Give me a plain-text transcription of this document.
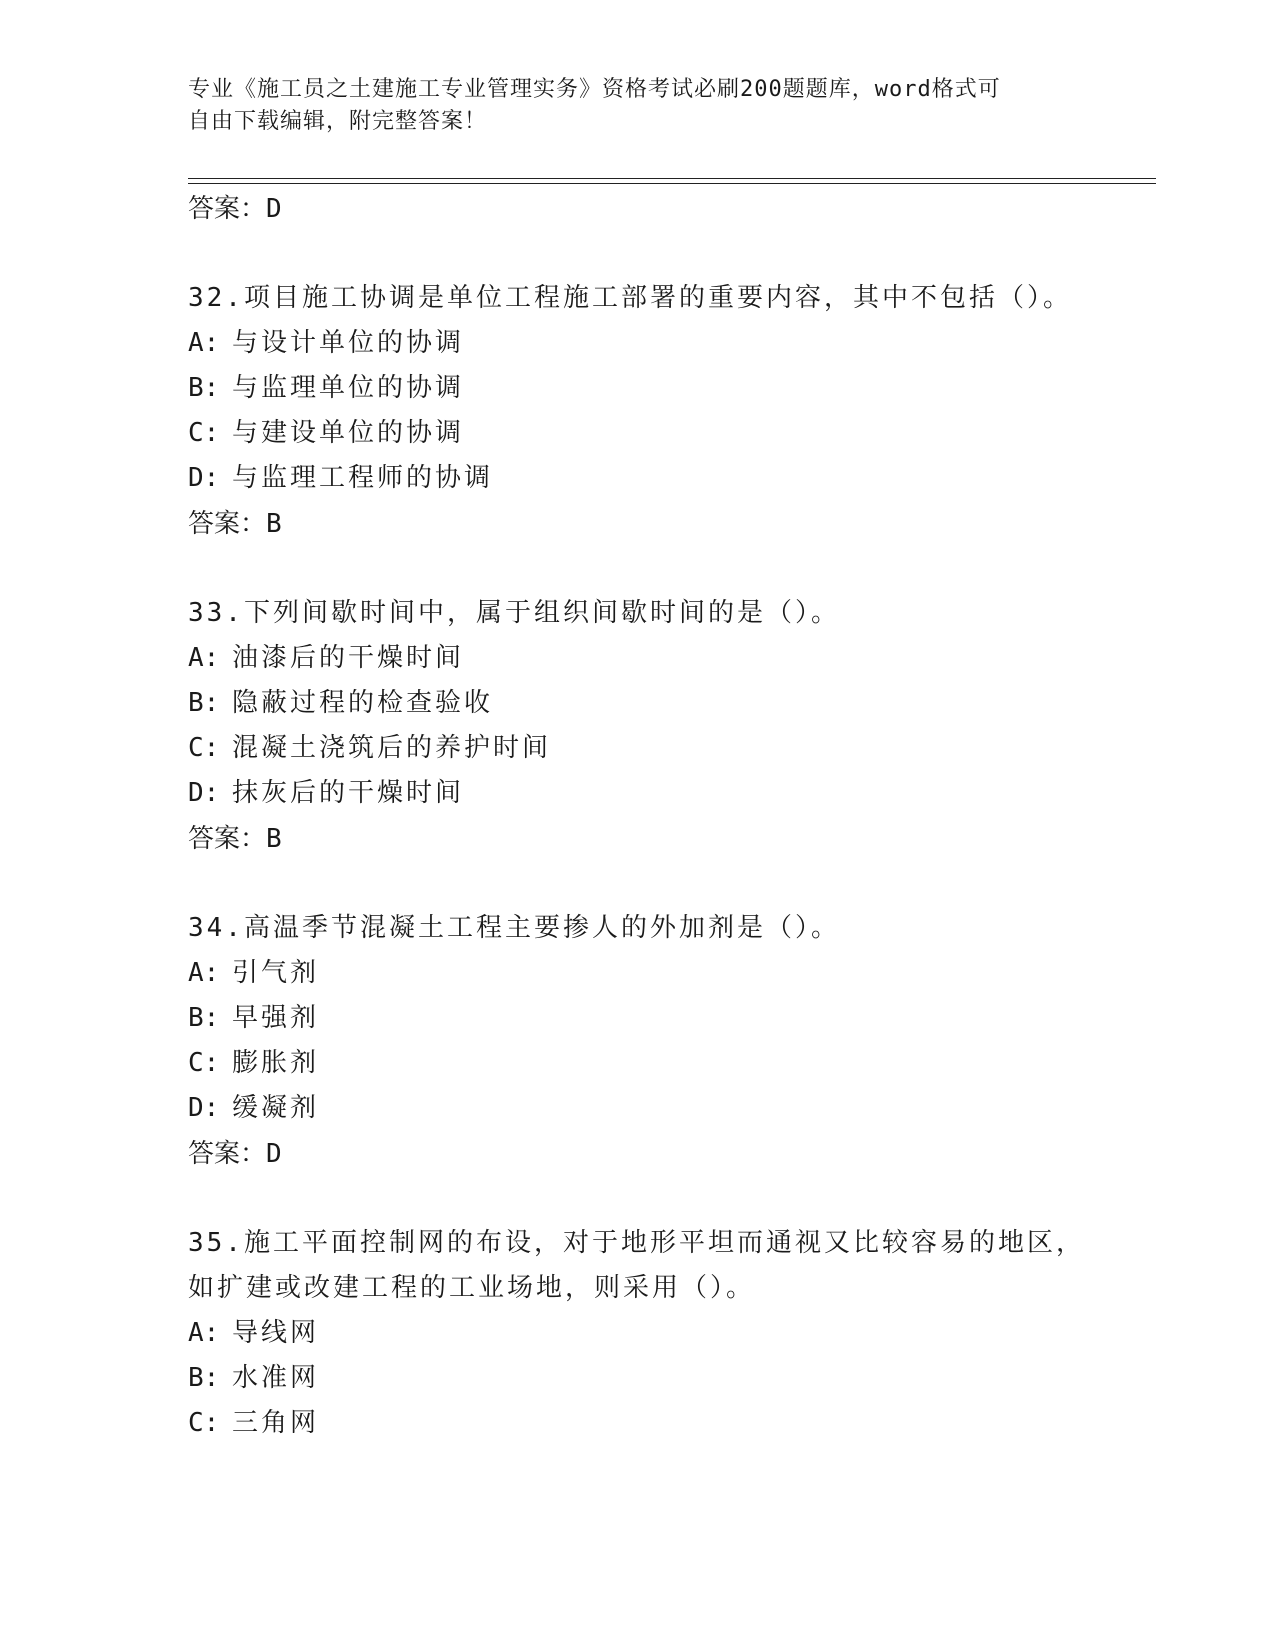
专业《施工员之土建施工专业管理实务》资格考试必刷200题题库，word格式可
自由下载编辑，附完整答案！

答案：D

32.项目施工协调是单位工程施工部署的重要内容，其中不包括（）。

A: 与设计单位的协调

B: 与监理单位的协调

C: 与建设单位的协调

D: 与监理工程师的协调

答案：B

33.下列间歇时间中，属于组织间歇时间的是（）。

A: 油漆后的干燥时间

B: 隐蔽过程的检查验收

C: 混凝土浇筑后的养护时间

D: 抹灰后的干燥时间

答案：B

34.高温季节混凝土工程主要掺人的外加剂是（）。

A: 引气剂

B: 早强剂

C: 膨胀剂

D: 缓凝剂

答案：D

35.施工平面控制网的布设，对于地形平坦而通视又比较容易的地区，

如扩建或改建工程的工业场地，则采用（）。

A: 导线网

B: 水准网

C: 三角网
